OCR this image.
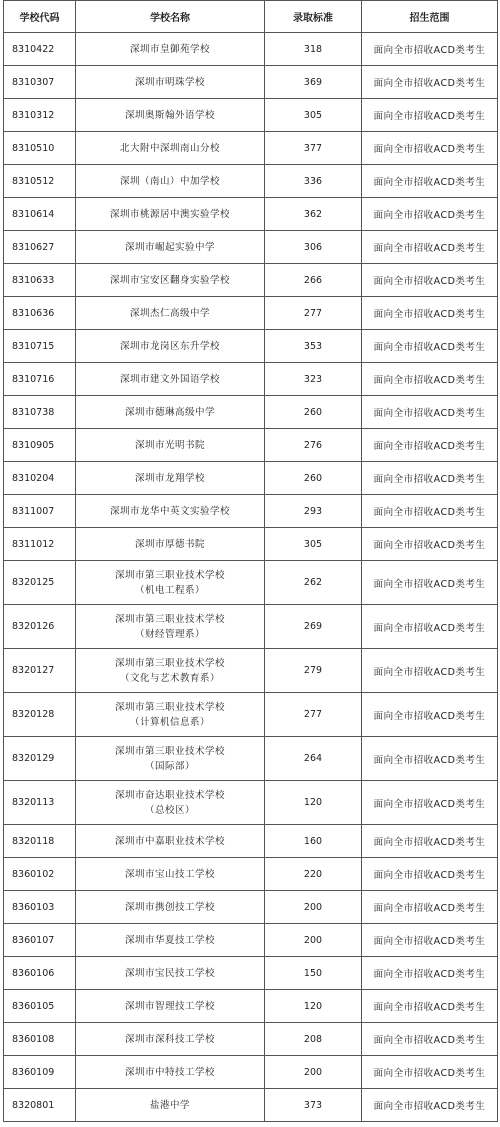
学校代码	学校名称	录取标准	招生范围
8310422	深圳市皇御苑学校	318	面向全市招收ACD类考生
8310307	深圳市明珠学校	369	面向全市招收ACD类考生
8310312	深圳奥斯翰外语学校	305	面向全市招收ACD类考生
8310510	北大附中深圳南山分校	377	面向全市招收ACD类考生
8310512	深圳（南山）中加学校	336	面向全市招收ACD类考生
8310614	深圳市桃源居中澳实验学校	362	面向全市招收ACD类考生
8310627	深圳市崛起实验中学	306	面向全市招收ACD类考生
8310633	深圳市宝安区翻身实验学校	266	面向全市招收ACD类考生
8310636	深圳杰仁高级中学	277	面向全市招收ACD类考生
8310715	深圳市龙岗区东升学校	353	面向全市招收ACD类考生
8310716	深圳市建文外国语学校	323	面向全市招收ACD类考生
8310738	深圳市德琳高级中学	260	面向全市招收ACD类考生
8310905	深圳市光明书院	276	面向全市招收ACD类考生
8310204	深圳市龙翔学校	260	面向全市招收ACD类考生
8311007	深圳市龙华中英文实验学校	293	面向全市招收ACD类考生
8311012	深圳市厚德书院	305	面向全市招收ACD类考生
8320125	深圳市第三职业技术学校
（机电工程系）	262	面向全市招收ACD类考生
8320126	深圳市第三职业技术学校
（财经管理系）	269	面向全市招收ACD类考生
8320127	深圳市第三职业技术学校
（文化与艺术教育系）	279	面向全市招收ACD类考生
8320128	深圳市第三职业技术学校
（计算机信息系）	277	面向全市招收ACD类考生
8320129	深圳市第三职业技术学校
（国际部）	264	面向全市招收ACD类考生
8320113	深圳市奋达职业技术学校
（总校区）	120	面向全市招收ACD类考生
8320118	深圳市中嘉职业技术学校	160	面向全市招收ACD类考生
8360102	深圳市宝山技工学校	220	面向全市招收ACD类考生
8360103	深圳市携创技工学校	200	面向全市招收ACD类考生
8360107	深圳市华夏技工学校	200	面向全市招收ACD类考生
8360106	深圳市宝民技工学校	150	面向全市招收ACD类考生
8360105	深圳市智理技工学校	120	面向全市招收ACD类考生
8360108	深圳市深科技工学校	208	面向全市招收ACD类考生
8360109	深圳市中特技工学校	200	面向全市招收ACD类考生
8320801	盐港中学	373	面向全市招收ACD类考生
